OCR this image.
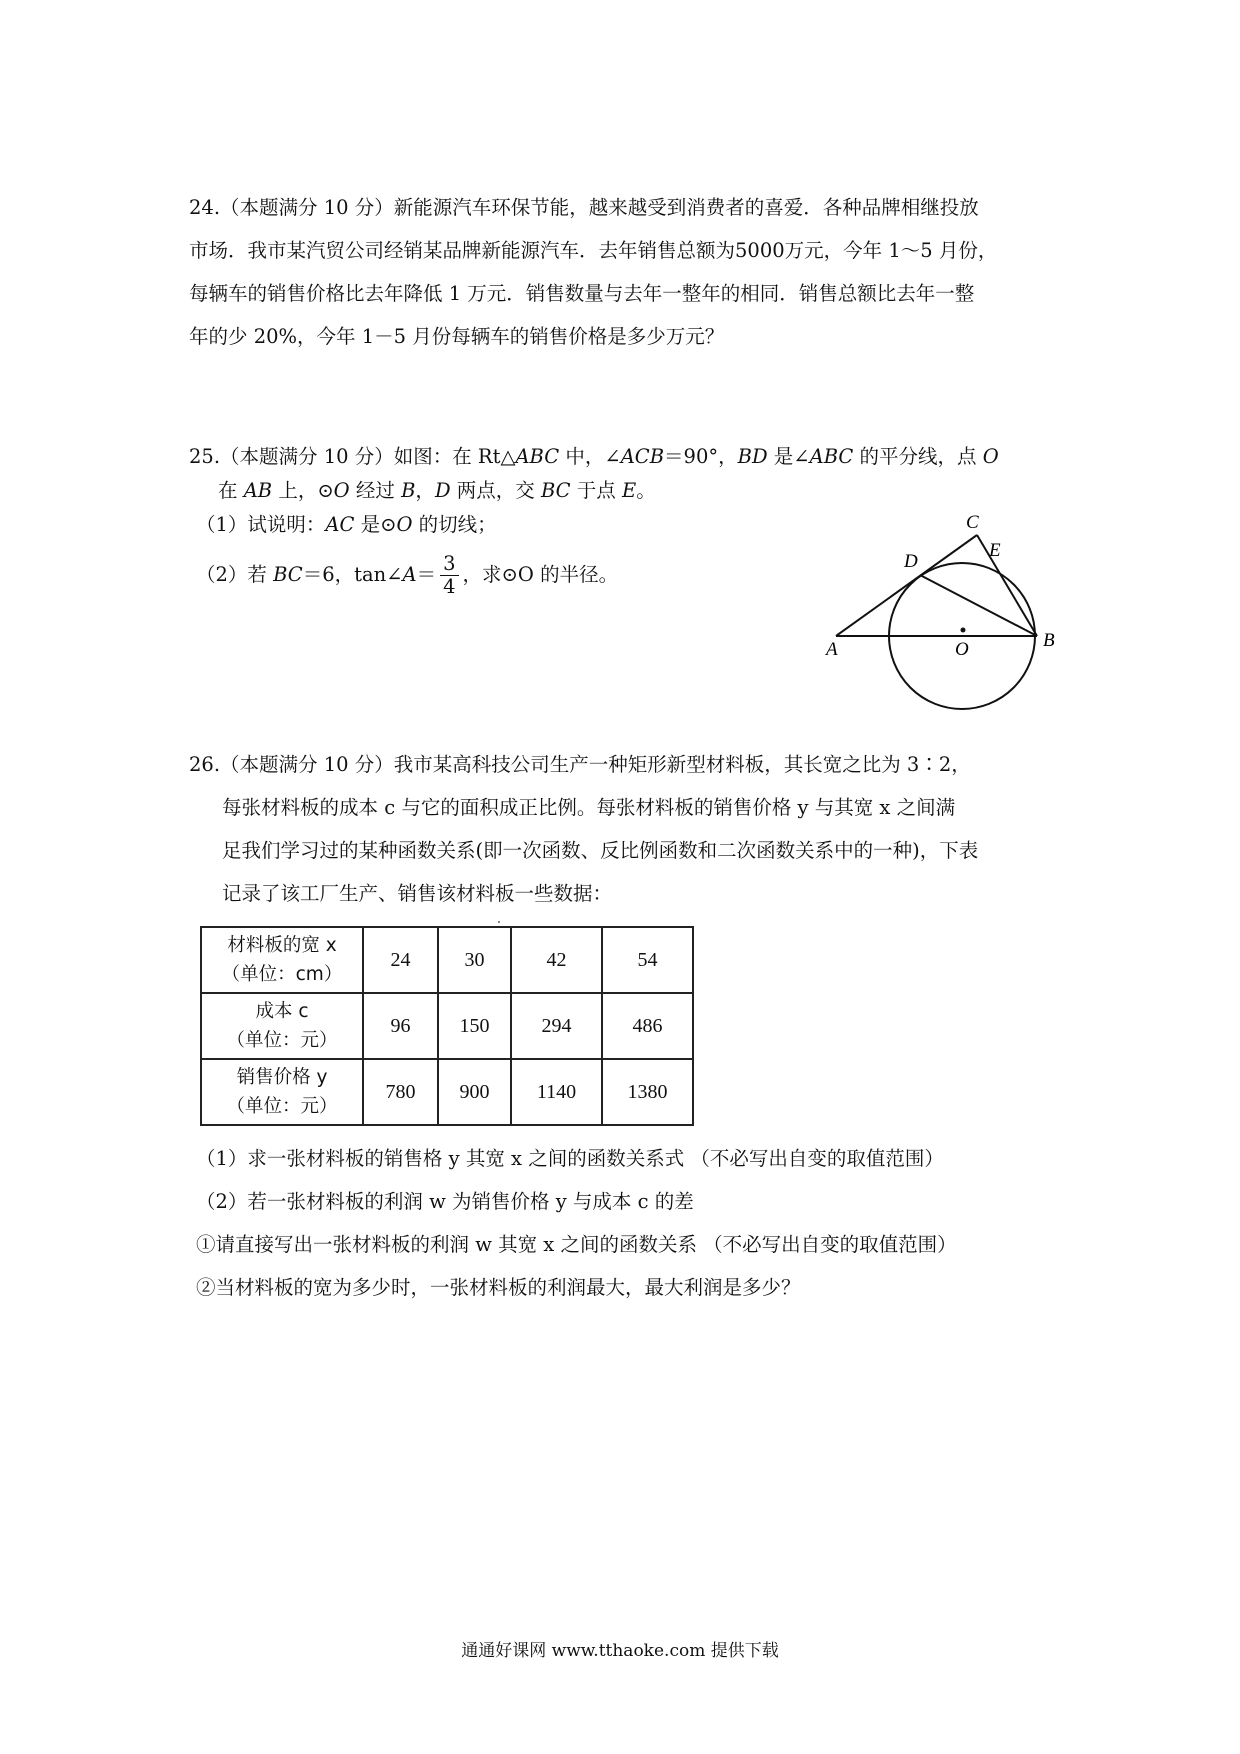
24.（本题满分 10 分）新能源汽车环保节能，越来越受到消费者的喜爱．各种品牌相继投放
市场．我市某汽贸公司经销某品牌新能源汽车．去年销售总额为5000万元，今年 1～5 月份，
每辆车的销售价格比去年降低 1 万元．销售数量与去年一整年的相同．销售总额比去年一整
年的少 20%，今年 1－5 月份每辆车的销售价格是多少万元？
25.（本题满分 10 分）如图：在 Rt△ABC 中，∠ACB＝90°，BD 是∠ABC 的平分线，点 O
在 AB 上，⊙O 经过 B，D 两点，交 BC 于点 E。
（1）试说明：AC 是⊙O 的切线；
（2）若 BC＝6，tan∠A＝ $\frac{3}{4}$ ，求⊙O 的半径。
C
D
E
A	B
O
26.（本题满分 10 分）我市某高科技公司生产一种矩形新型材料板，其长宽之比为 3∶2，
每张材料板的成本 c 与它的面积成正比例。每张材料板的销售价格 y 与其宽 x 之间满
足我们学习过的某种函数关系(即一次函数、反比例函数和二次函数关系中的一种)，下表
记录了该工厂生产、销售该材料板一些数据：
材料板的宽 x
（单位：cm）	24	30	42	54
成本 c
（单位：元）	96	150	294	486
销售价格 y
（单位：元）	780	900	1140	1380
（1）求一张材料板的销售格 y 其宽 x 之间的函数关系式 （不必写出自变的取值范围）
（2）若一张材料板的利润 w 为销售价格 y 与成本 c 的差
①请直接写出一张材料板的利润 w 其宽 x 之间的函数关系 （不必写出自变的取值范围）
②当材料板的宽为多少时，一张材料板的利润最大，最大利润是多少？
通通好课网 www.tthaoke.com 提供下载
